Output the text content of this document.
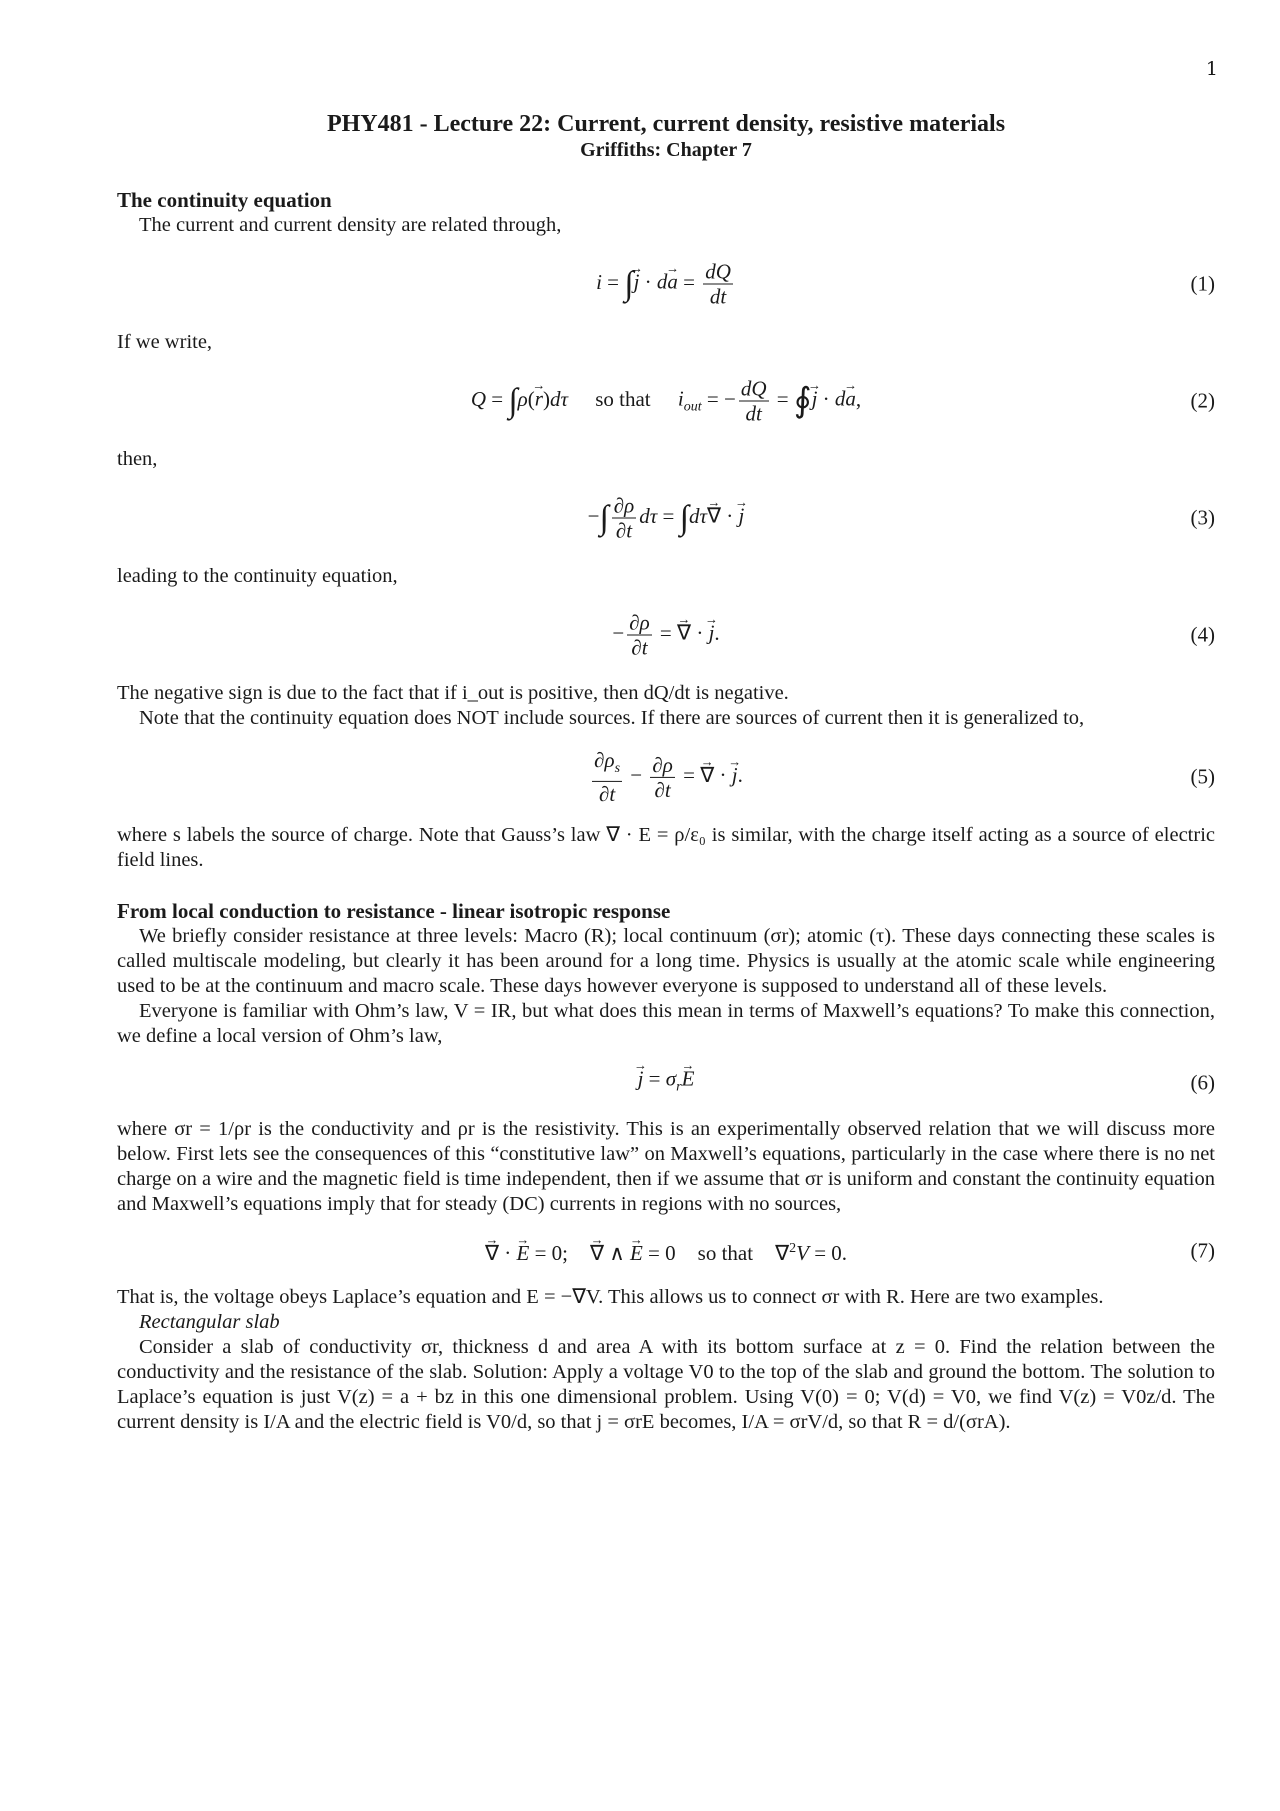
1
PHY481 - Lecture 22: Current, current density, resistive materials
Griffiths: Chapter 7
The continuity equation
The current and current density are related through,
i = ∫→ $j \cdot d\to a = \frac{dQ}{dt}$	(1)
If we write,
Q = ∫ρ(→ r)dτ so that $i_{out}$ = − $\frac{dQ}{dt}$ = ∮→ j · d→ a,	(2)
then,
−∫ $\frac{\partial\rho}{\partial t}$ dτ = ∫dτ→ ∇ · → j	(3)
leading to the continuity equation,
− $\frac{\partial\rho}{\partial t}$ = → ∇ · → j.	(4)
The negative sign is due to the fact that if i_out is positive, then dQ/dt is negative.
Note that the continuity equation does NOT include sources. If there are sources of current then it is generalized to,
$\frac{\partial\rho_s}{\partial t} - \frac{\partial\rho}{\partial t}$ = → ∇ · → j.	(5)
where s labels the source of charge. Note that Gauss’s law ∇ · E = ρ/ε₀ is similar, with the charge itself acting as a source of electric field lines.
From local conduction to resistance - linear isotropic response
We briefly consider resistance at three levels: Macro (R); local continuum (σr); atomic (τ). These days connecting these scales is called multiscale modeling, but clearly it has been around for a long time. Physics is usually at the atomic scale while engineering used to be at the continuum and macro scale. These days however everyone is supposed to understand all of these levels.
Everyone is familiar with Ohm’s law, V = IR, but what does this mean in terms of Maxwell’s equations? To make this connection, we define a local version of Ohm’s law,
→ $j = \sigma_r\to E$	(6)
where σr = 1/ρr is the conductivity and ρr is the resistivity. This is an experimentally observed relation that we will discuss more below. First lets see the consequences of this “constitutive law” on Maxwell’s equations, particularly in the case where there is no net charge on a wire and the magnetic field is time independent, then if we assume that σr is uniform and constant the continuity equation and Maxwell’s equations imply that for steady (DC) currents in regions with no sources,
→ ∇ · → E = 0;→ ∇ ∧ → E = 0 so that ∇$^2$V = 0.	(7)
That is, the voltage obeys Laplace’s equation and E = −∇V. This allows us to connect σr with R. Here are two examples.
Rectangular slab
Consider a slab of conductivity σr, thickness d and area A with its bottom surface at z = 0. Find the relation between the conductivity and the resistance of the slab. Solution: Apply a voltage V0 to the top of the slab and ground the bottom. The solution to Laplace’s equation is just V(z) = a + bz in this one dimensional problem. Using V(0) = 0; V(d) = V0, we find V(z) = V0z/d. The current density is I/A and the electric field is V0/d, so that j = σrE becomes, I/A = σrV/d, so that R = d/(σrA).
